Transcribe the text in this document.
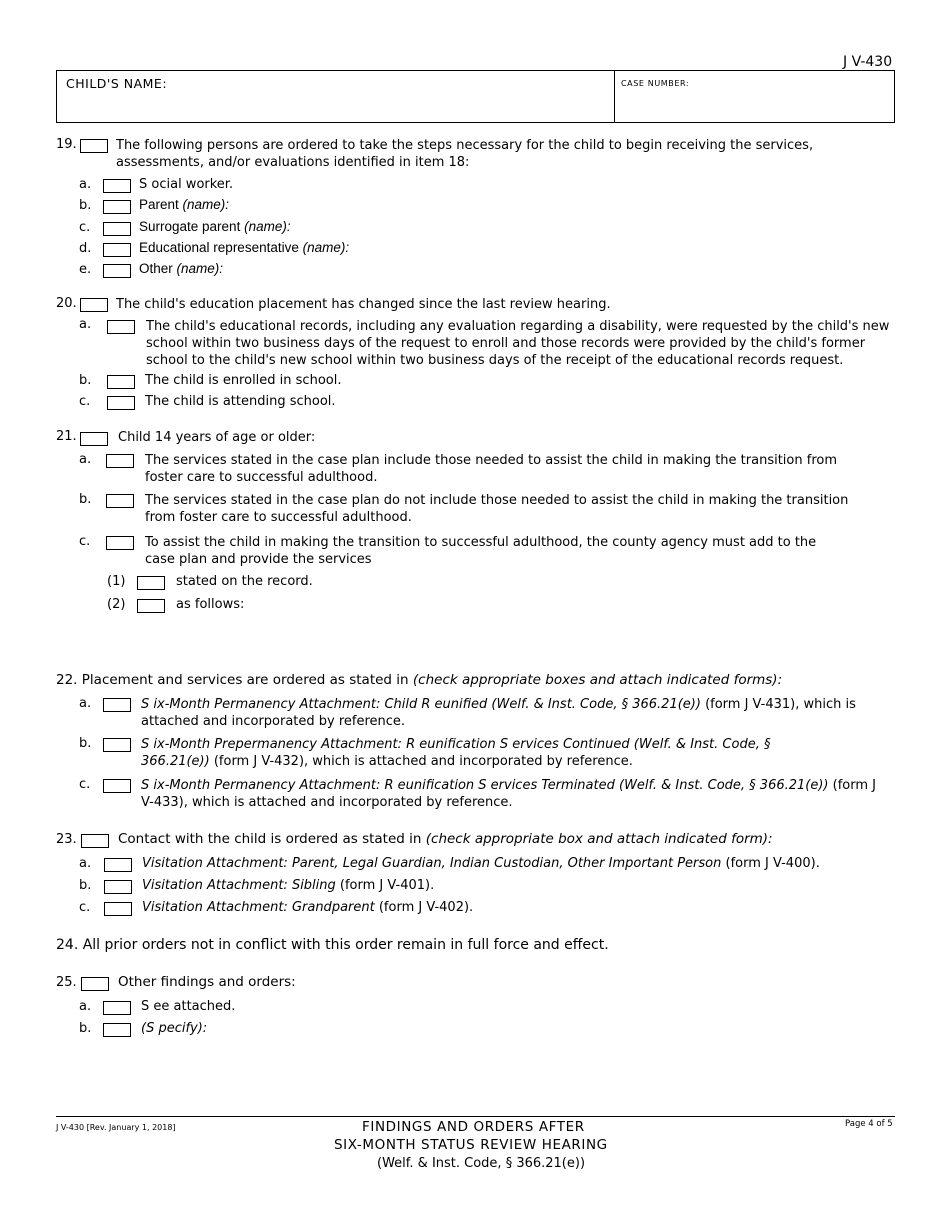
J V-430
CHILD'S NAME:	CASE NUMBER:
19.	The following persons are ordered to take the steps necessary for the child to begin receiving the services, assessments, and/or evaluations identified in item 18:
a.	S ocial worker.
b.	Parent (name):
c.	Surrogate parent (name):
d.	Educational representative (name):
e.	Other (name):
20.	The child's education placement has changed since the last review hearing.
a.	The child's educational records, including any evaluation regarding a disability, were requested by the child's new school within two business days of the request to enroll and those records were provided by the child's former school to the child's new school within two business days of the receipt of the educational records request.
b.	The child is enrolled in school.
c.	The child is attending school.
21.	Child 14 years of age or older:
a.	The services stated in the case plan include those needed to assist the child in making the transition from foster care to successful adulthood.
b.	The services stated in the case plan do not include those needed to assist the child in making the transition from foster care to successful adulthood.
c.	To assist the child in making the transition to successful adulthood, the county agency must add to the case plan and provide the services
(1)	stated on the record.
(2)	as follows:
22. Placement and services are ordered as stated in (check appropriate boxes and attach indicated forms):
a.	S ix-Month Permanency Attachment: Child R eunified (Welf. & Inst. Code, § 366.21(e)) (form J V-431), which is attached and incorporated by reference.
b.	S ix-Month Prepermanency Attachment: R eunification S ervices Continued (Welf. & Inst. Code, § 366.21(e)) (form J V-432), which is attached and incorporated by reference.
c.	S ix-Month Permanency Attachment: R eunification S ervices Terminated (Welf. & Inst. Code, § 366.21(e)) (form J V-433), which is attached and incorporated by reference.
23.	Contact with the child is ordered as stated in (check appropriate box and attach indicated form):
a.	Visitation Attachment: Parent, Legal Guardian, Indian Custodian, Other Important Person (form J V-400).
b.	Visitation Attachment: Sibling (form J V-401).
c.	Visitation Attachment: Grandparent (form J V-402).
24. All prior orders not in conflict with this order remain in full force and effect.
25.	Other findings and orders:
a.	S ee attached.
b.	(S pecify):
J V-430 [Rev. January 1, 2018]	FINDINGS AND ORDERS AFTER
SIX-MONTH STATUS REVIEW HEARING
(Welf. & Inst. Code, § 366.21(e))
Page 4 of 5
